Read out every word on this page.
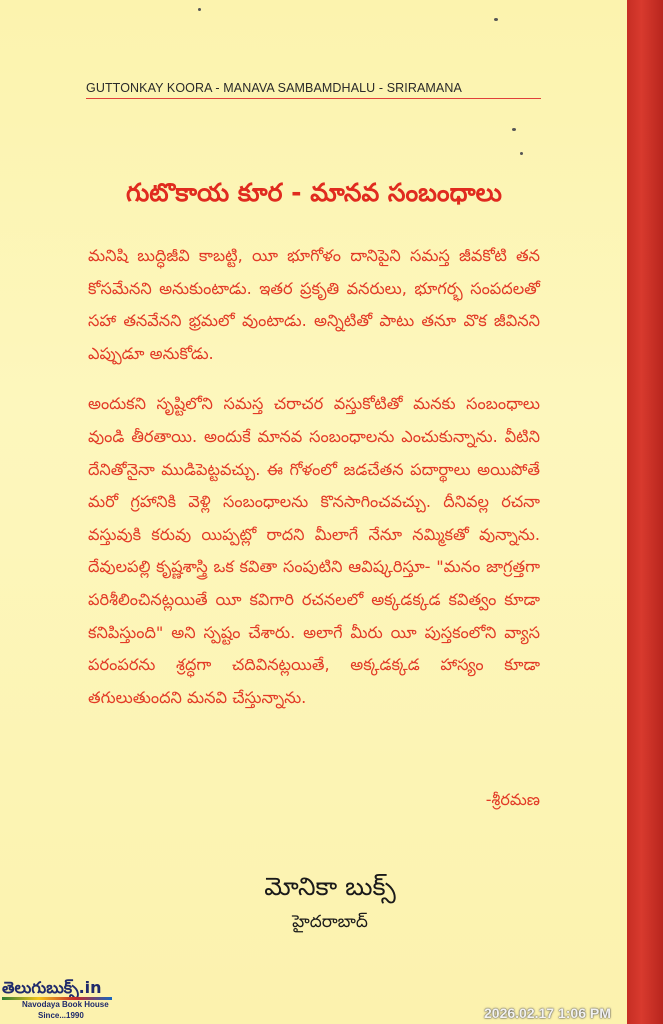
GUTTONKAY KOORA - MANAVA SAMBAMDHALU - SRIRAMANA
గుటొకాయ కూర - మానవ సంబంధాలు

మనిషి బుద్ధిజీవి కాబట్టి, యీ భూగోళం దానిపైని సమస్త జీవకోటి తన కోసమేనని అనుకుంటాడు. ఇతర ప్రకృతి వనరులు, భూగర్భ సంపదలతో సహా తనవేనని భ్రమలో వుంటాడు. అన్నిటితో పాటు తనూ వొక జీవినని ఎప్పుడూ అనుకోడు.

అందుకని సృష్టిలోని సమస్త చరాచర వస్తుకోటితో మనకు సంబంధాలు వుండి తీరతాయి. అందుకే మానవ సంబంధాలను ఎంచుకున్నాను. వీటిని దేనితోనైనా ముడిపెట్టవచ్చు. ఈ గోళంలో జడచేతన పదార్థాలు అయిపోతే మరో గ్రహానికి వెళ్లి సంబంధాలను కొనసాగించవచ్చు. దీనివల్ల రచనా వస్తువుకి కరువు యిప్పట్లో రాదని మీలాగే నేనూ నమ్మికతో వున్నాను. దేవులపల్లి కృష్ణశాస్త్రి ఒక కవితా సంపుటిని ఆవిష్కరిస్తూ- "మనం జాగ్రత్తగా పరిశీలించినట్లయితే యీ కవిగారి రచనలలో అక్కడక్కడ కవిత్వం కూడా కనిపిస్తుంది" అని స్పష్టం చేశారు. అలాగే మీరు యీ పుస్తకంలోని వ్యాస పరంపరను శ్రద్ధగా చదివినట్లయితే, అక్కడక్కడ హాస్యం కూడా తగులుతుందని మనవి చేస్తున్నాను.

-శ్రీరమణ
మోనికా బుక్స్
హైదరాబాద్
తెలుగుబుక్స్.in
Navodaya Book House
Since...1990	2026.02.17 1:06 PM
